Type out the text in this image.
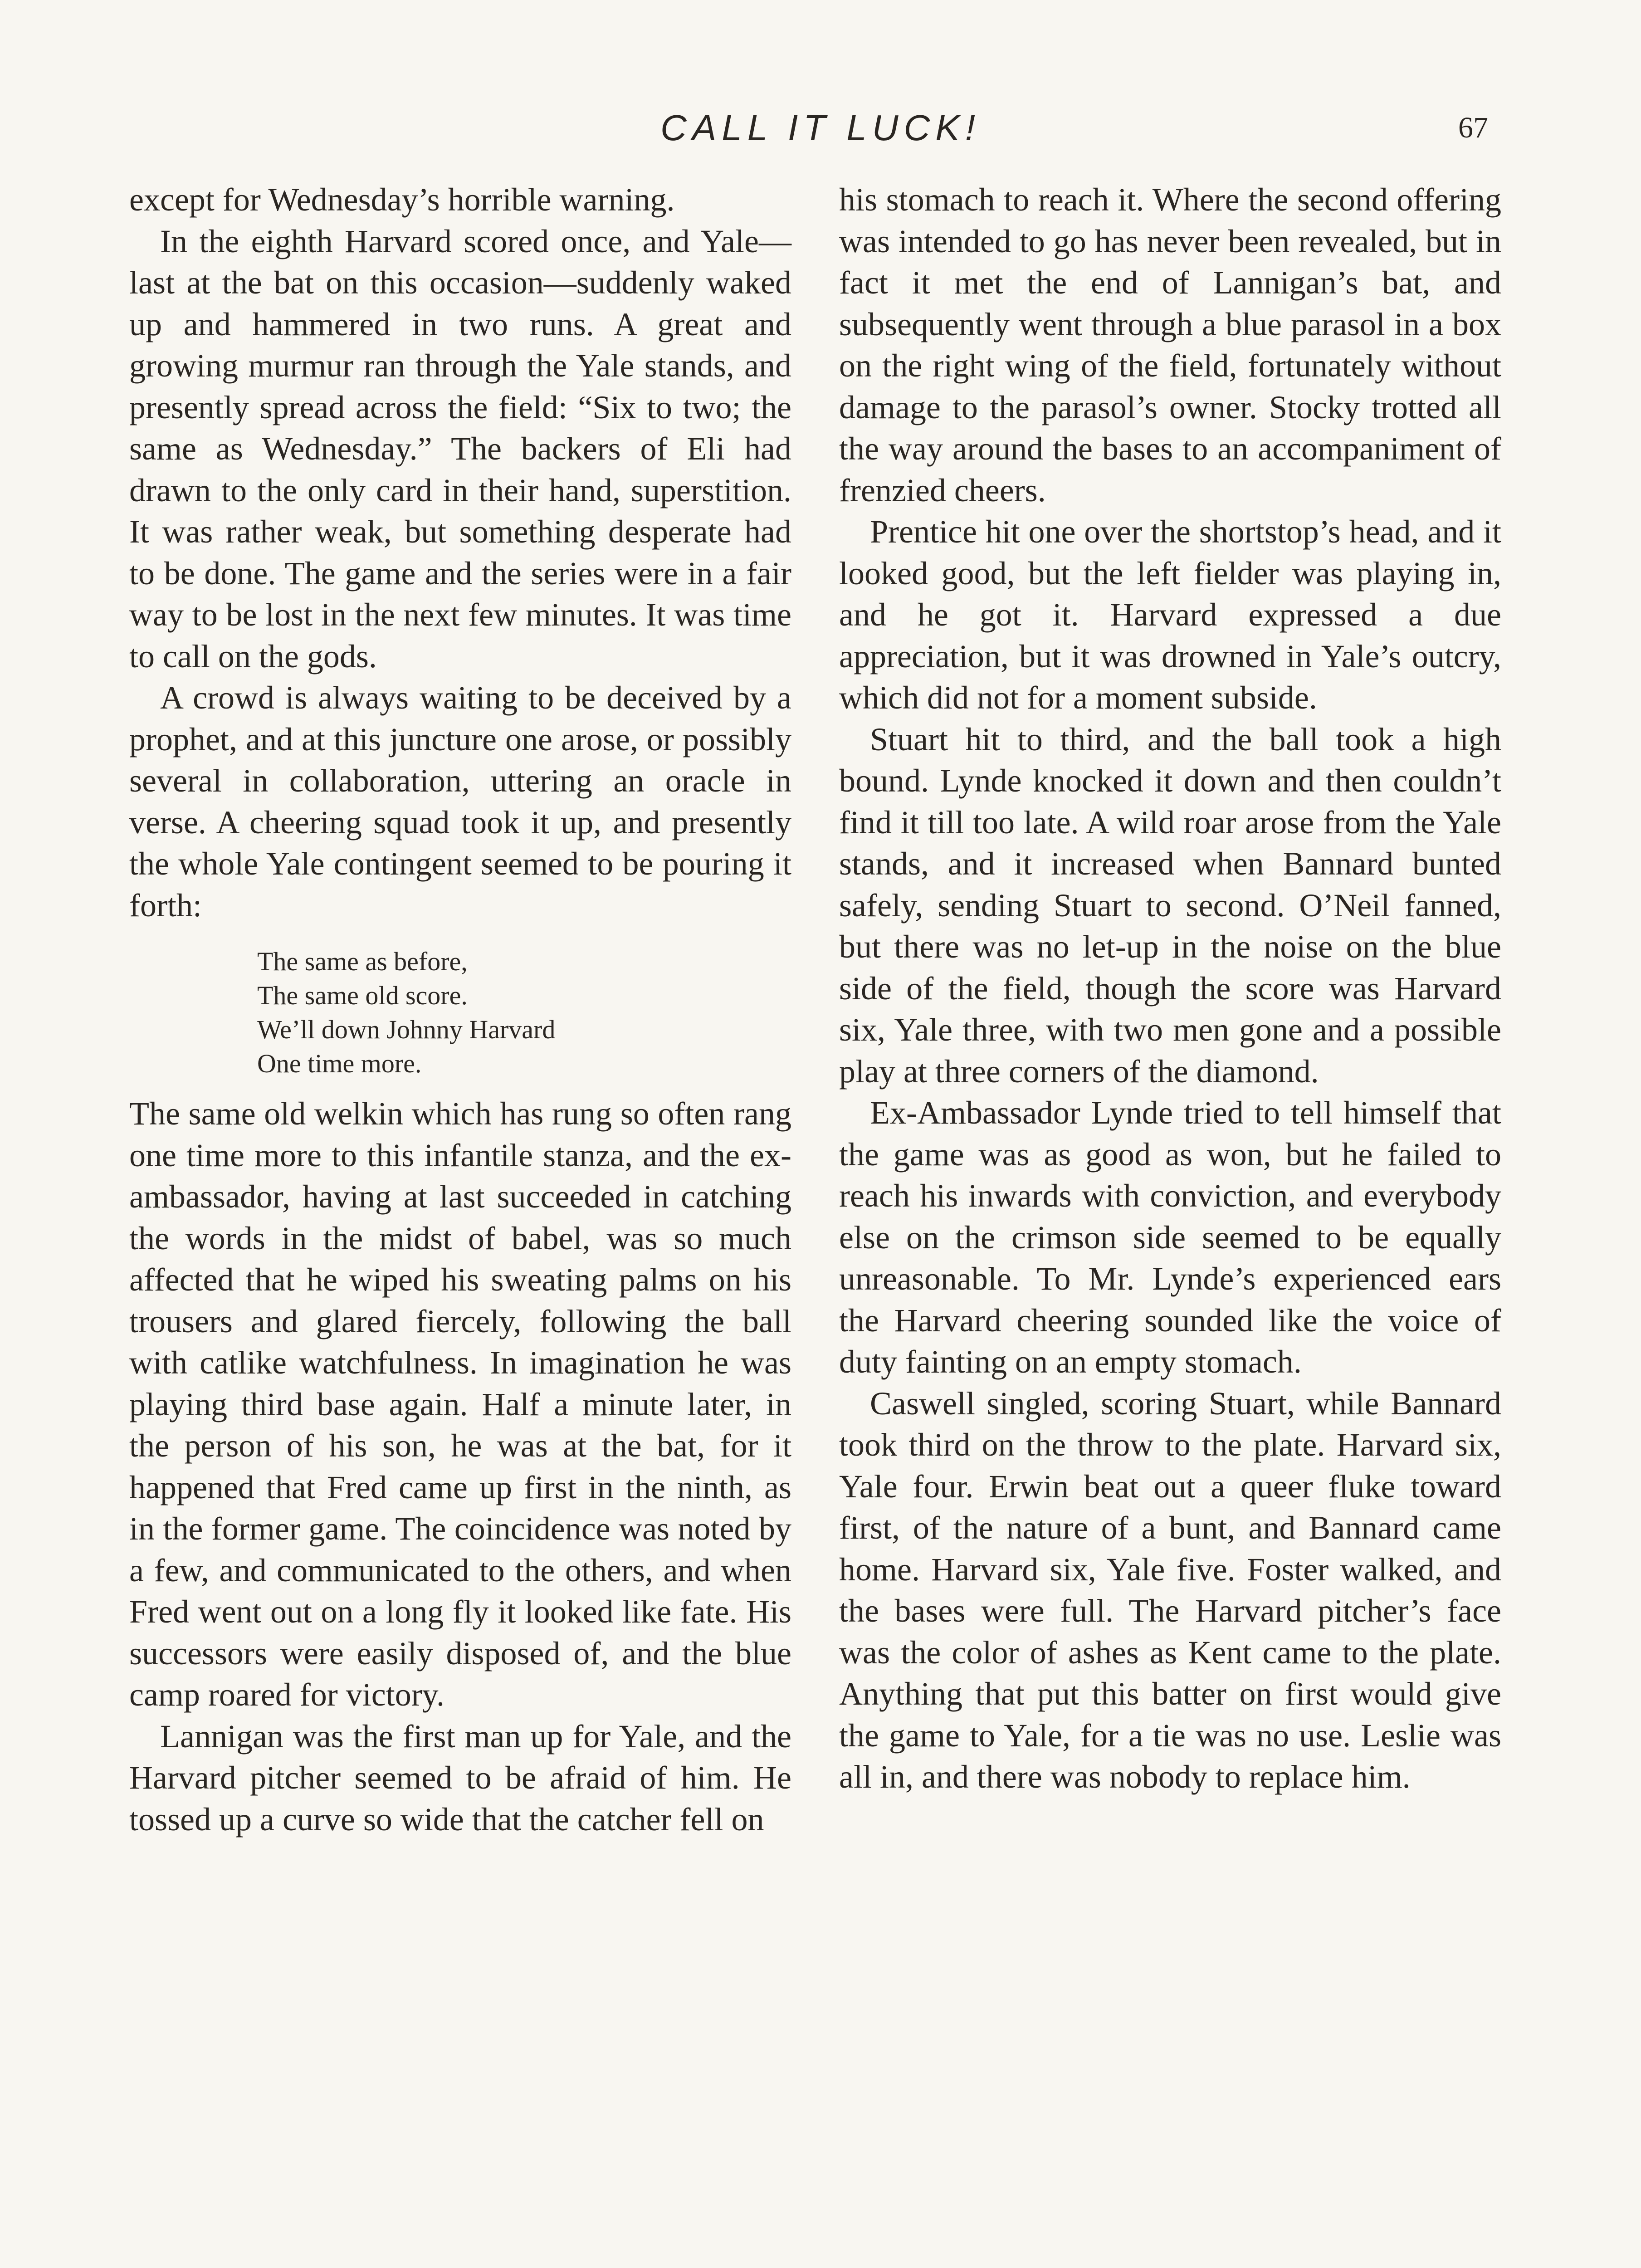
CALL IT LUCK!	67

except for Wednesday’s horrible warning.

In the eighth Harvard scored once, and Yale—last at the bat on this occasion—suddenly waked up and hammered in two runs. A great and growing murmur ran through the Yale stands, and presently spread across the field: “Six to two; the same as Wednesday.” The backers of Eli had drawn to the only card in their hand, superstition. It was rather weak, but something desperate had to be done. The game and the series were in a fair way to be lost in the next few minutes. It was time to call on the gods.

A crowd is always waiting to be deceived by a prophet, and at this juncture one arose, or possibly several in collaboration, uttering an oracle in verse. A cheering squad took it up, and presently the whole Yale contingent seemed to be pouring it forth:

The same as before,
The same old score.
We’ll down Johnny Harvard
One time more.

The same old welkin which has rung so often rang one time more to this infantile stanza, and the ex-ambassador, having at last succeeded in catching the words in the midst of babel, was so much affected that he wiped his sweating palms on his trousers and glared fiercely, following the ball with catlike watchfulness. In imagination he was playing third base again. Half a minute later, in the person of his son, he was at the bat, for it happened that Fred came up first in the ninth, as in the former game. The coincidence was noted by a few, and communicated to the others, and when Fred went out on a long fly it looked like fate. His successors were easily disposed of, and the blue camp roared for victory.

Lannigan was the first man up for Yale, and the Harvard pitcher seemed to be afraid of him. He tossed up a curve so wide that the catcher fell on

his stomach to reach it. Where the second offering was intended to go has never been revealed, but in fact it met the end of Lannigan’s bat, and subsequently went through a blue parasol in a box on the right wing of the field, fortunately without damage to the parasol’s owner. Stocky trotted all the way around the bases to an accompaniment of frenzied cheers.

Prentice hit one over the shortstop’s head, and it looked good, but the left fielder was playing in, and he got it. Harvard expressed a due appreciation, but it was drowned in Yale’s outcry, which did not for a moment subside.

Stuart hit to third, and the ball took a high bound. Lynde knocked it down and then couldn’t find it till too late. A wild roar arose from the Yale stands, and it increased when Bannard bunted safely, sending Stuart to second. O’Neil fanned, but there was no let-up in the noise on the blue side of the field, though the score was Harvard six, Yale three, with two men gone and a possible play at three corners of the diamond.

Ex-Ambassador Lynde tried to tell himself that the game was as good as won, but he failed to reach his inwards with conviction, and everybody else on the crimson side seemed to be equally unreasonable. To Mr. Lynde’s experienced ears the Harvard cheering sounded like the voice of duty fainting on an empty stomach.

Caswell singled, scoring Stuart, while Bannard took third on the throw to the plate. Harvard six, Yale four. Erwin beat out a queer fluke toward first, of the nature of a bunt, and Bannard came home. Harvard six, Yale five. Foster walked, and the bases were full. The Harvard pitcher’s face was the color of ashes as Kent came to the plate. Anything that put this batter on first would give the game to Yale, for a tie was no use. Leslie was all in, and there was nobody to replace him.
